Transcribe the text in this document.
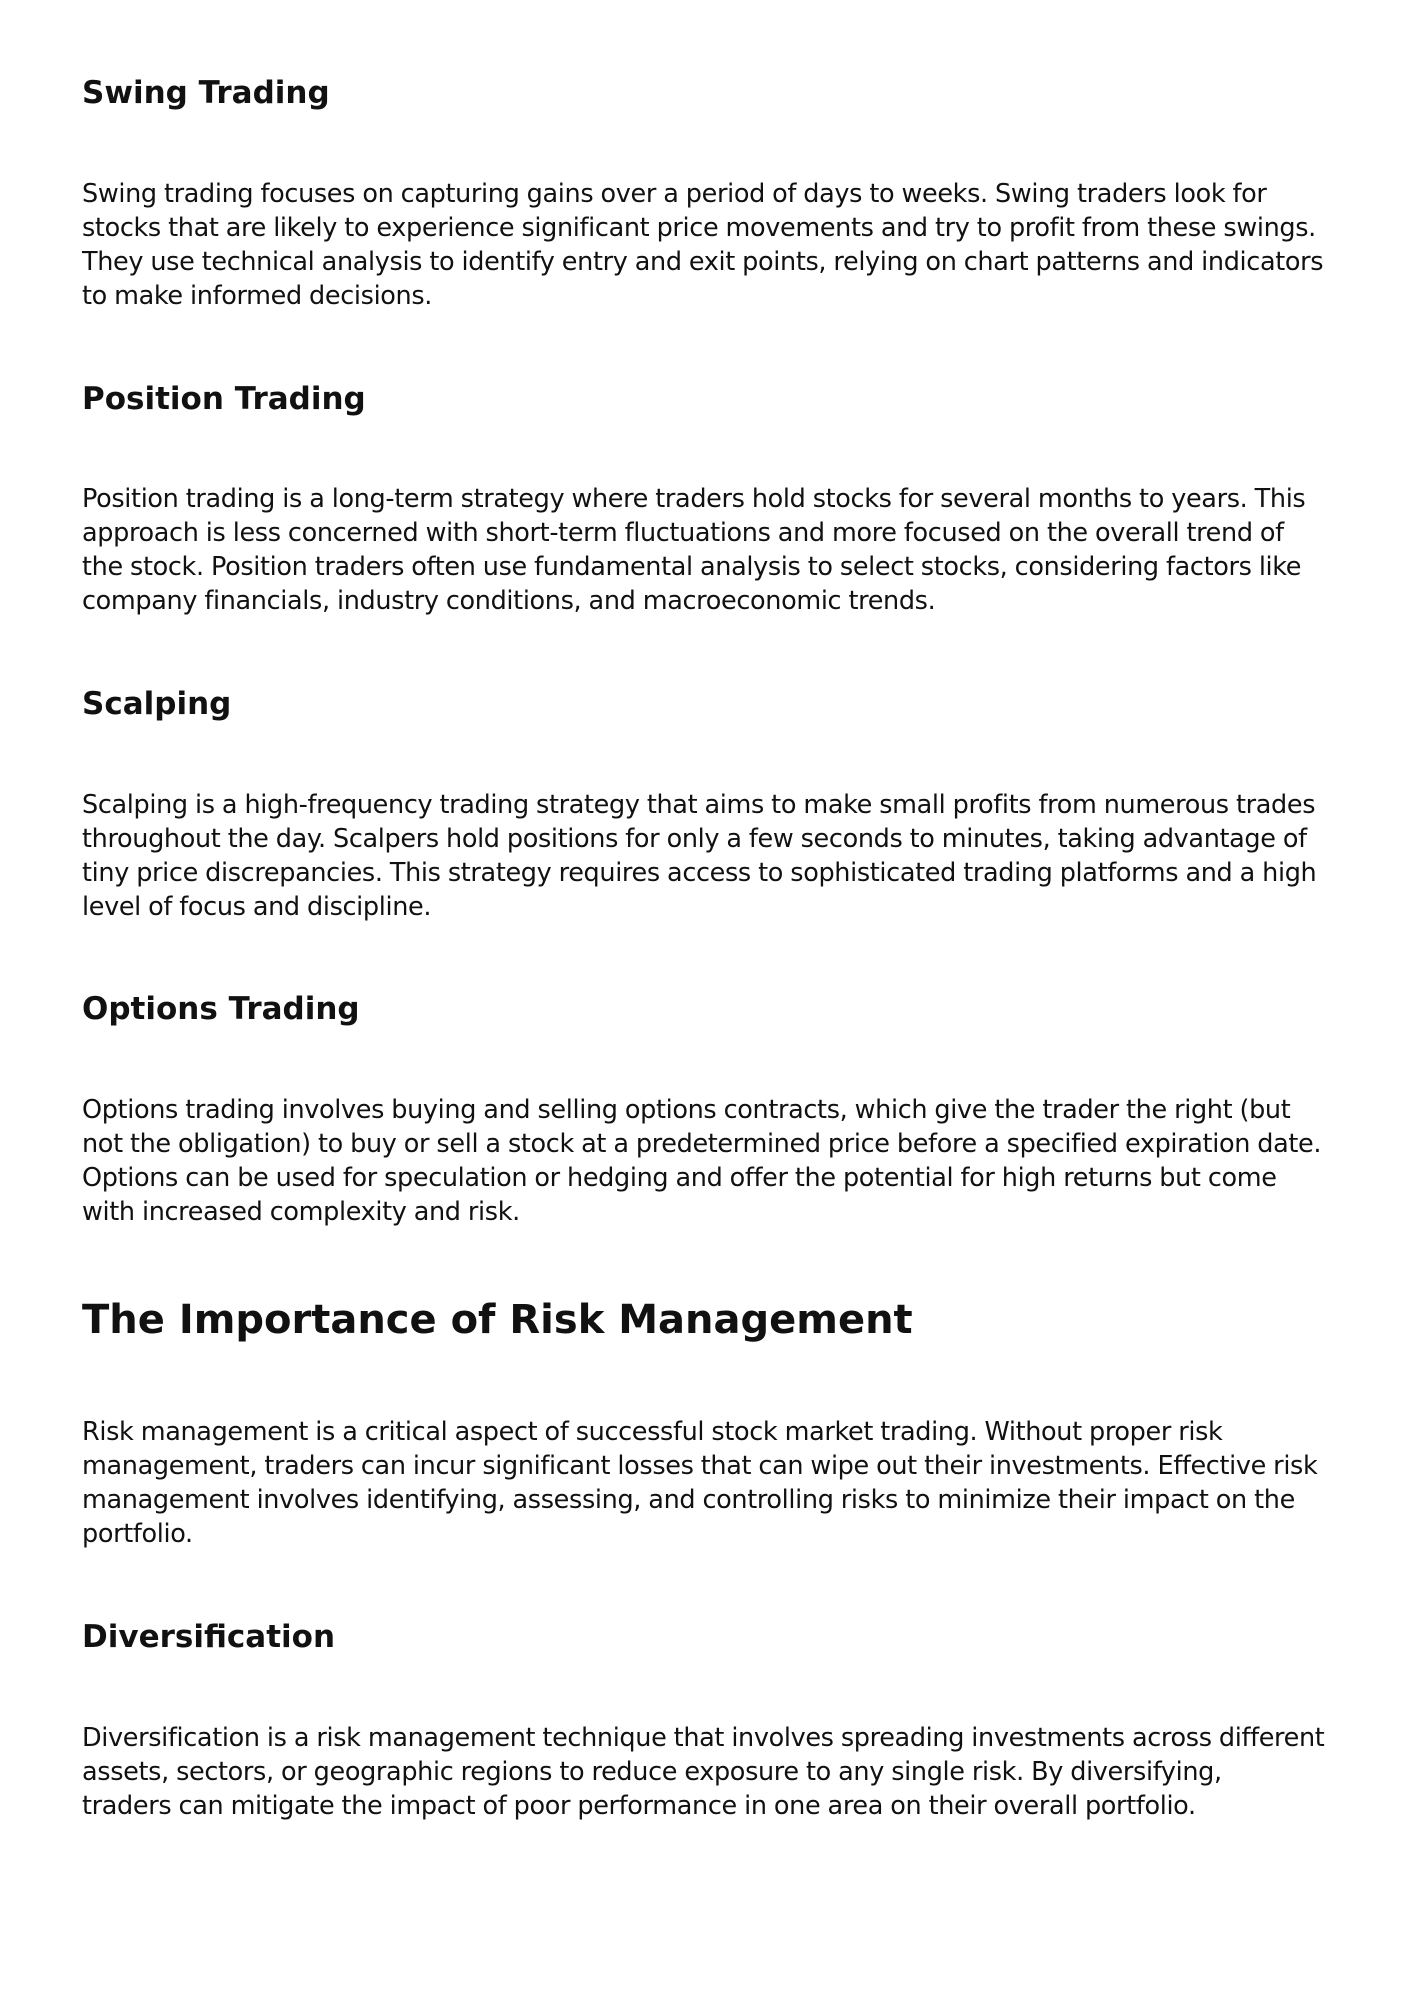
Swing Trading
Swing trading focuses on capturing gains over a period of days to weeks. Swing traders look for
stocks that are likely to experience significant price movements and try to profit from these swings.
They use technical analysis to identify entry and exit points, relying on chart patterns and indicators
to make informed decisions.
Position Trading
Position trading is a long-term strategy where traders hold stocks for several months to years. This
approach is less concerned with short-term fluctuations and more focused on the overall trend of
the stock. Position traders often use fundamental analysis to select stocks, considering factors like
company financials, industry conditions, and macroeconomic trends.
Scalping
Scalping is a high-frequency trading strategy that aims to make small profits from numerous trades
throughout the day. Scalpers hold positions for only a few seconds to minutes, taking advantage of
tiny price discrepancies. This strategy requires access to sophisticated trading platforms and a high
level of focus and discipline.
Options Trading
Options trading involves buying and selling options contracts, which give the trader the right (but
not the obligation) to buy or sell a stock at a predetermined price before a specified expiration date.
Options can be used for speculation or hedging and offer the potential for high returns but come
with increased complexity and risk.
The Importance of Risk Management
Risk management is a critical aspect of successful stock market trading. Without proper risk
management, traders can incur significant losses that can wipe out their investments. Effective risk
management involves identifying, assessing, and controlling risks to minimize their impact on the
portfolio.
Diversification
Diversification is a risk management technique that involves spreading investments across different
assets, sectors, or geographic regions to reduce exposure to any single risk. By diversifying,
traders can mitigate the impact of poor performance in one area on their overall portfolio.
